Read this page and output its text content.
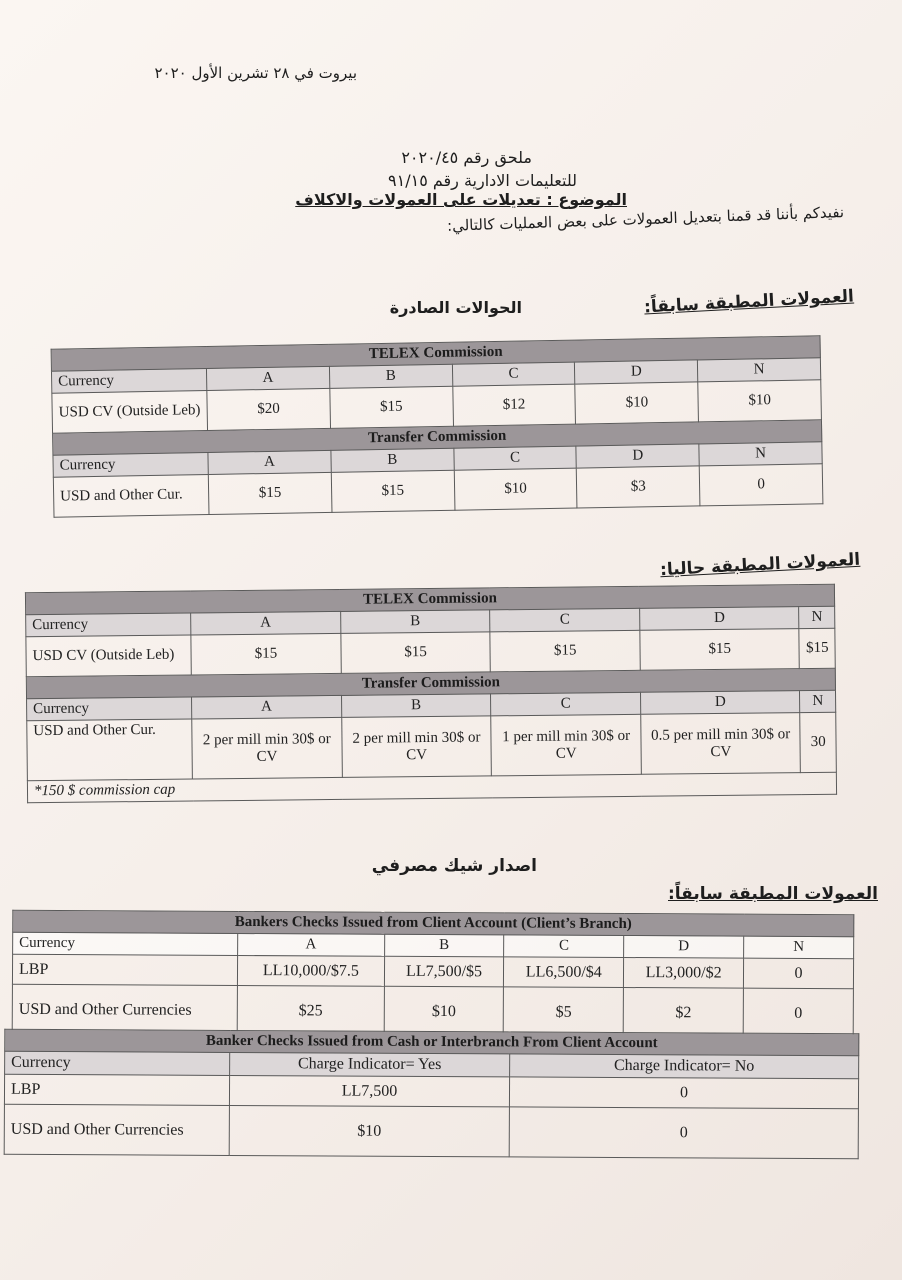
بيروت في ٢٨ تشرين الأول ٢٠٢٠
ملحق رقم ٢٠٢٠/٤٥
للتعليمات الادارية رقم ٩١/١٥
الموضوع : تعديلات على العمولات والاكلاف
نفيدكم بأننا قد قمنا بتعديل العمولات على بعض العمليات كالتالي:
الحوالات الصادرة	العمولات المطبقة سابقاً:
TELEX Commission					
Currency	A	B	C	D	N
USD CV (Outside Leb)	$20	$15	$12	$10	$10
Transfer Commission					
Currency	A	B	C	D	N
USD and Other Cur.	$15	$15	$10	$3	0
العمولات المطبقة حاليا:
TELEX Commission					
Currency	A	B	C	D	N
USD CV (Outside Leb)	$15	$15	$15	$15	$15
Transfer Commission					
Currency	A	B	C	D	N
USD and Other Cur.	2 per mill min 30$ or CV	2 per mill min 30$ or CV	1 per mill min 30$ or CV	0.5 per mill min 30$ or CV	30
*150 $ commission cap					
اصدار شيك مصرفي
العمولات المطبقة سابقاً:
Bankers Checks Issued from Client Account (Client’s Branch)					
Currency	A	B	C	D	N
LBP	LL10,000/$7.5	LL7,500/$5	LL6,500/$4	LL3,000/$2	0
USD and Other Currencies	$25	$10	$5	$2	0
Banker Checks Issued from Cash or Interbranch From Client Account		
Currency	Charge Indicator= Yes	Charge Indicator= No
LBP	LL7,500	0
USD and Other Currencies	$10	0
